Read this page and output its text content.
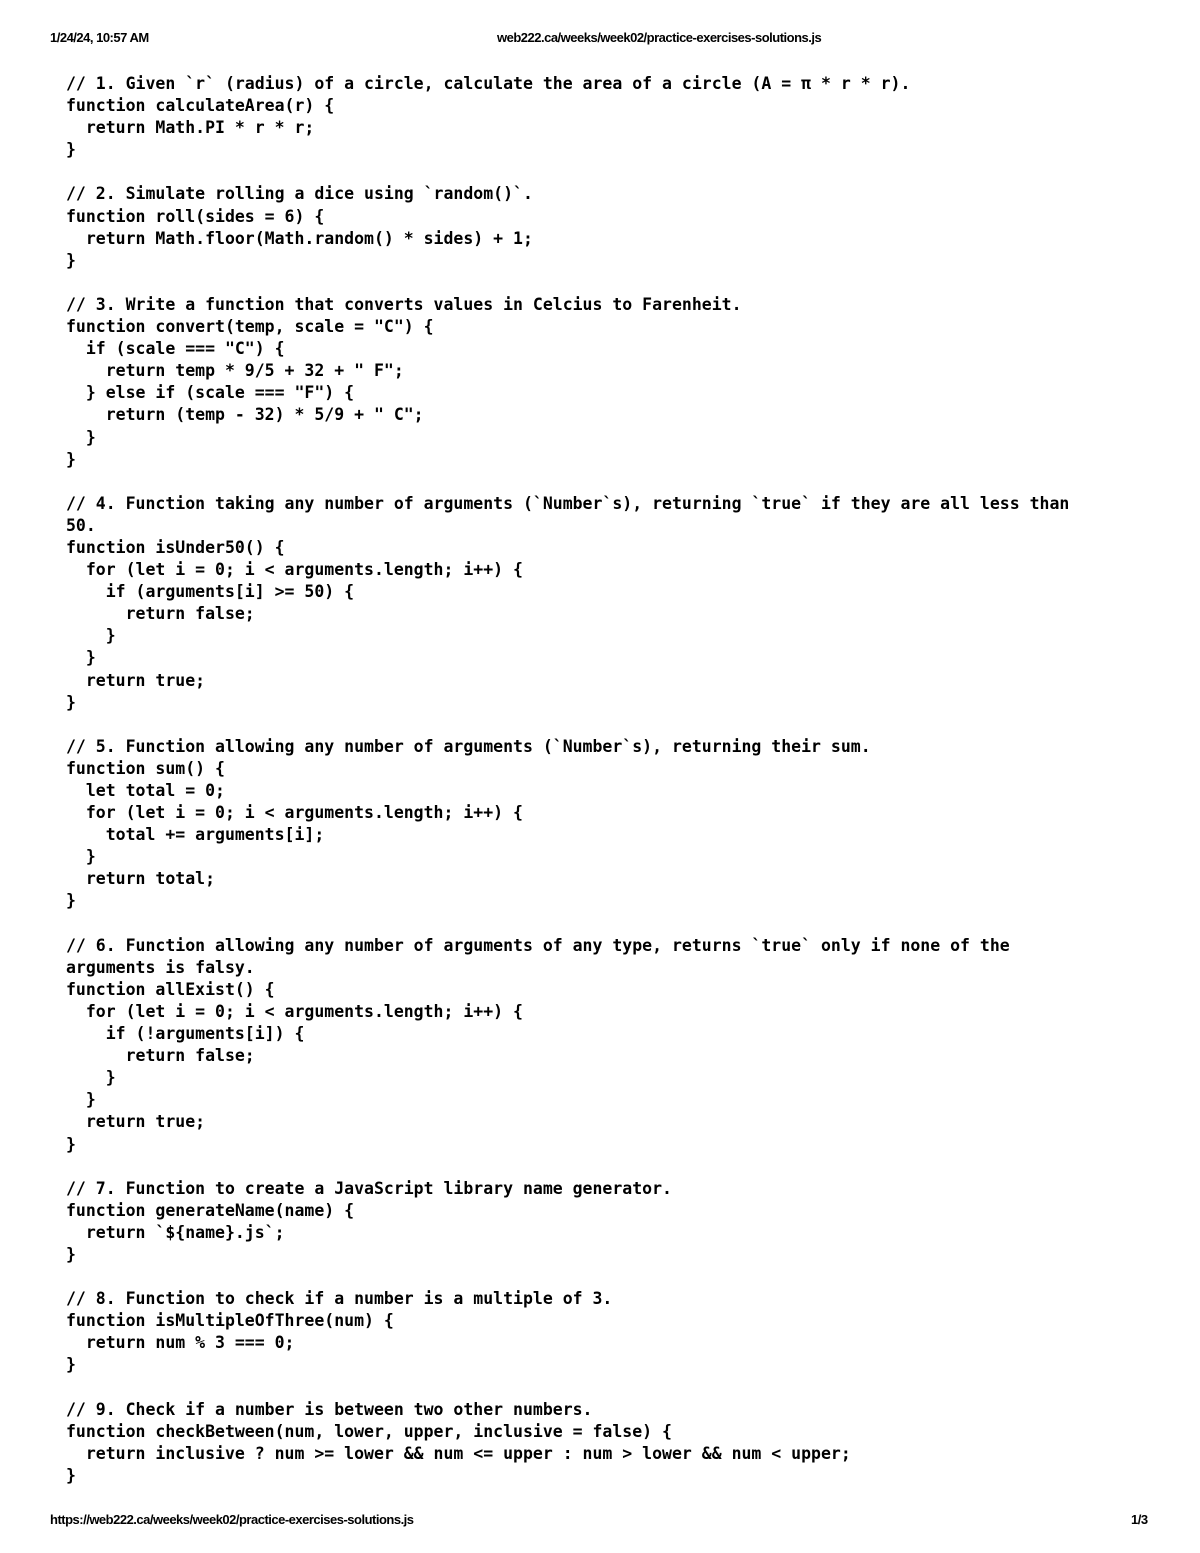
1/24/24, 10:57 AM	web222.ca/weeks/week02/practice-exercises-solutions.js
// 1. Given `r` (radius) of a circle, calculate the area of a circle (A = π * r * r).
function calculateArea(r) {
return Math.PI * r * r;
}
// 2. Simulate rolling a dice using `random()`.
function roll(sides = 6) {
return Math.floor(Math.random() * sides) + 1;
}
// 3. Write a function that converts values in Celcius to Farenheit.
function convert(temp, scale = "C") {
if (scale === "C") {
return temp * 9/5 + 32 + " F";
} else if (scale === "F") {
return (temp - 32) * 5/9 + " C";
}
}
// 4. Function taking any number of arguments (`Number`s), returning `true` if they are all less than
50.
function isUnder50() {
for (let i = 0; i < arguments.length; i++) {
if (arguments[i] >= 50) {
return false;
}
}
return true;
}
// 5. Function allowing any number of arguments (`Number`s), returning their sum.
function sum() {
let total = 0;
for (let i = 0; i < arguments.length; i++) {
total += arguments[i];
}
return total;
}
// 6. Function allowing any number of arguments of any type, returns `true` only if none of the
arguments is falsy.
function allExist() {
for (let i = 0; i < arguments.length; i++) {
if (!arguments[i]) {
return false;
}
}
return true;
}
// 7. Function to create a JavaScript library name generator.
function generateName(name) {
return `${name}.js`;
}
// 8. Function to check if a number is a multiple of 3.
function isMultipleOfThree(num) {
return num % 3 === 0;
}
// 9. Check if a number is between two other numbers.
function checkBetween(num, lower, upper, inclusive = false) {
return inclusive ? num >= lower && num <= upper : num > lower && num < upper;
}
https://web222.ca/weeks/week02/practice-exercises-solutions.js	1/3
